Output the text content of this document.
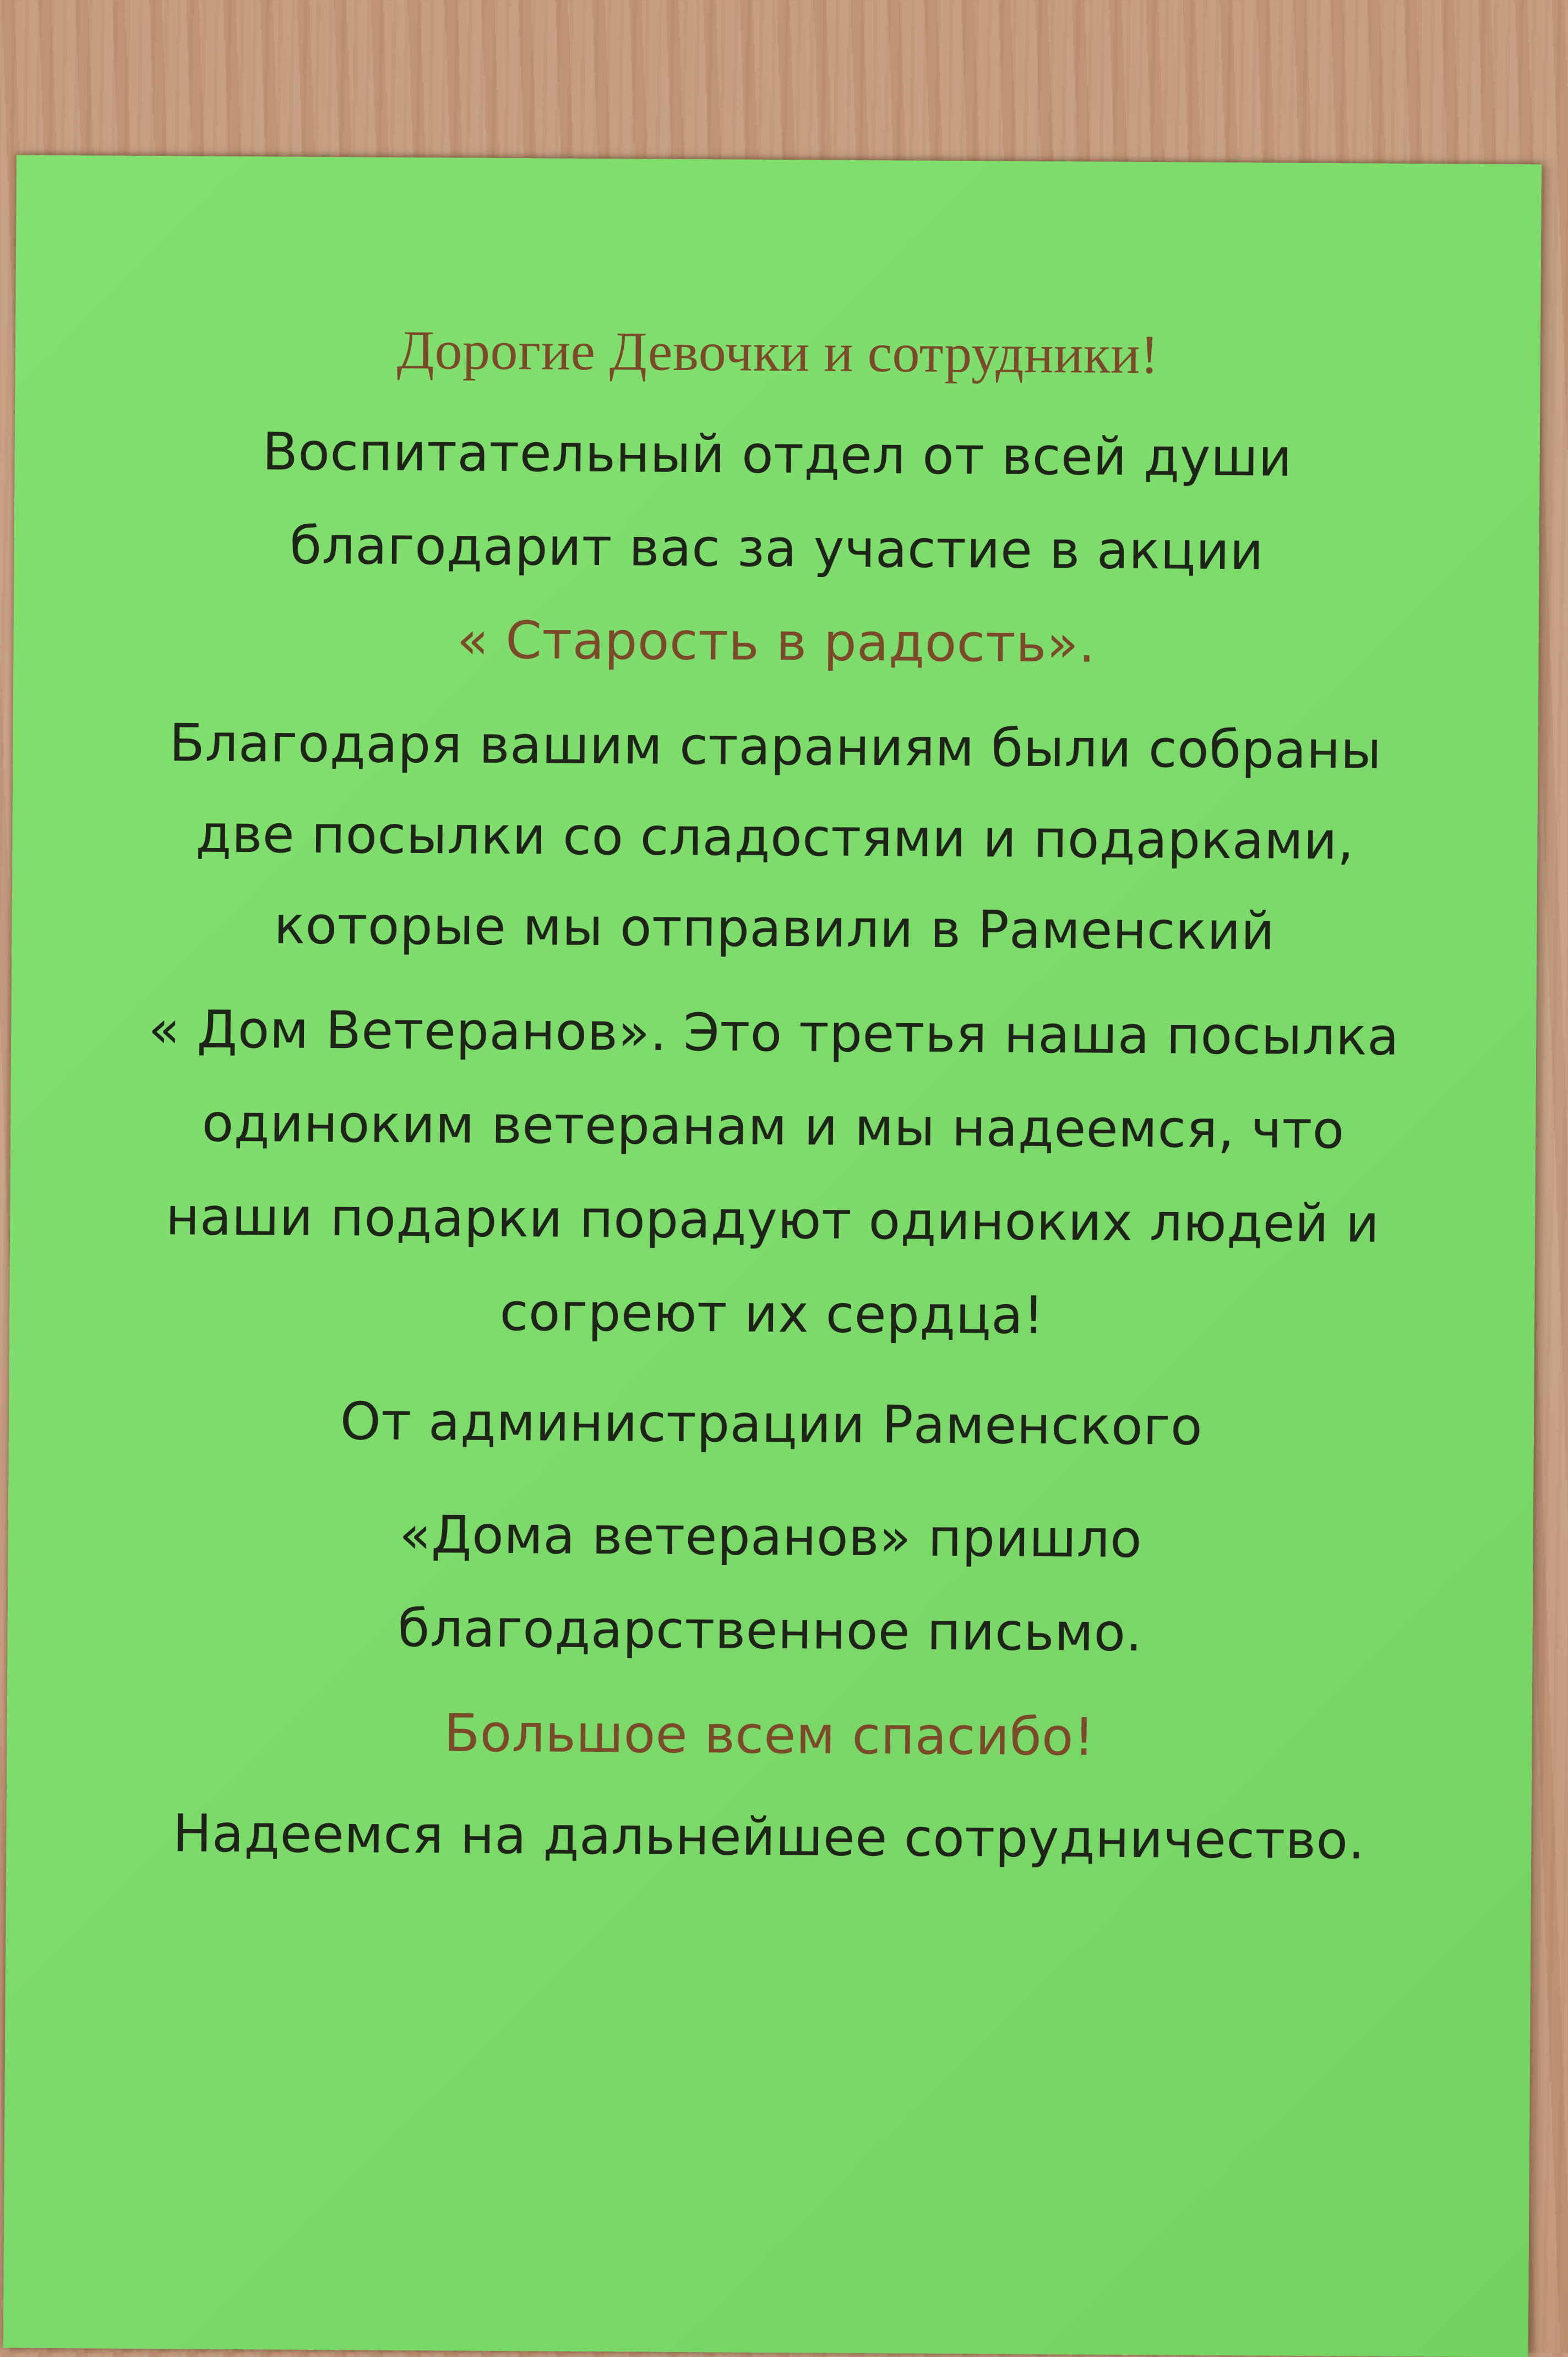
Дорогие Девочки и сотрудники!
Воспитательный отдел от всей души
благодарит вас за участие в акции
« Старость в радость».
Благодаря вашим стараниям были собраны
две посылки со сладостями и подарками,
которые мы отправили в Раменский
« Дом Ветеранов». Это третья наша посылка
одиноким ветеранам и мы надеемся, что
наши подарки порадуют одиноких людей и
согреют их сердца!
От администрации Раменского
«Дома ветеранов» пришло
благодарственное письмо.
Большое всем спасибо!
Надеемся на дальнейшее сотрудничество.
